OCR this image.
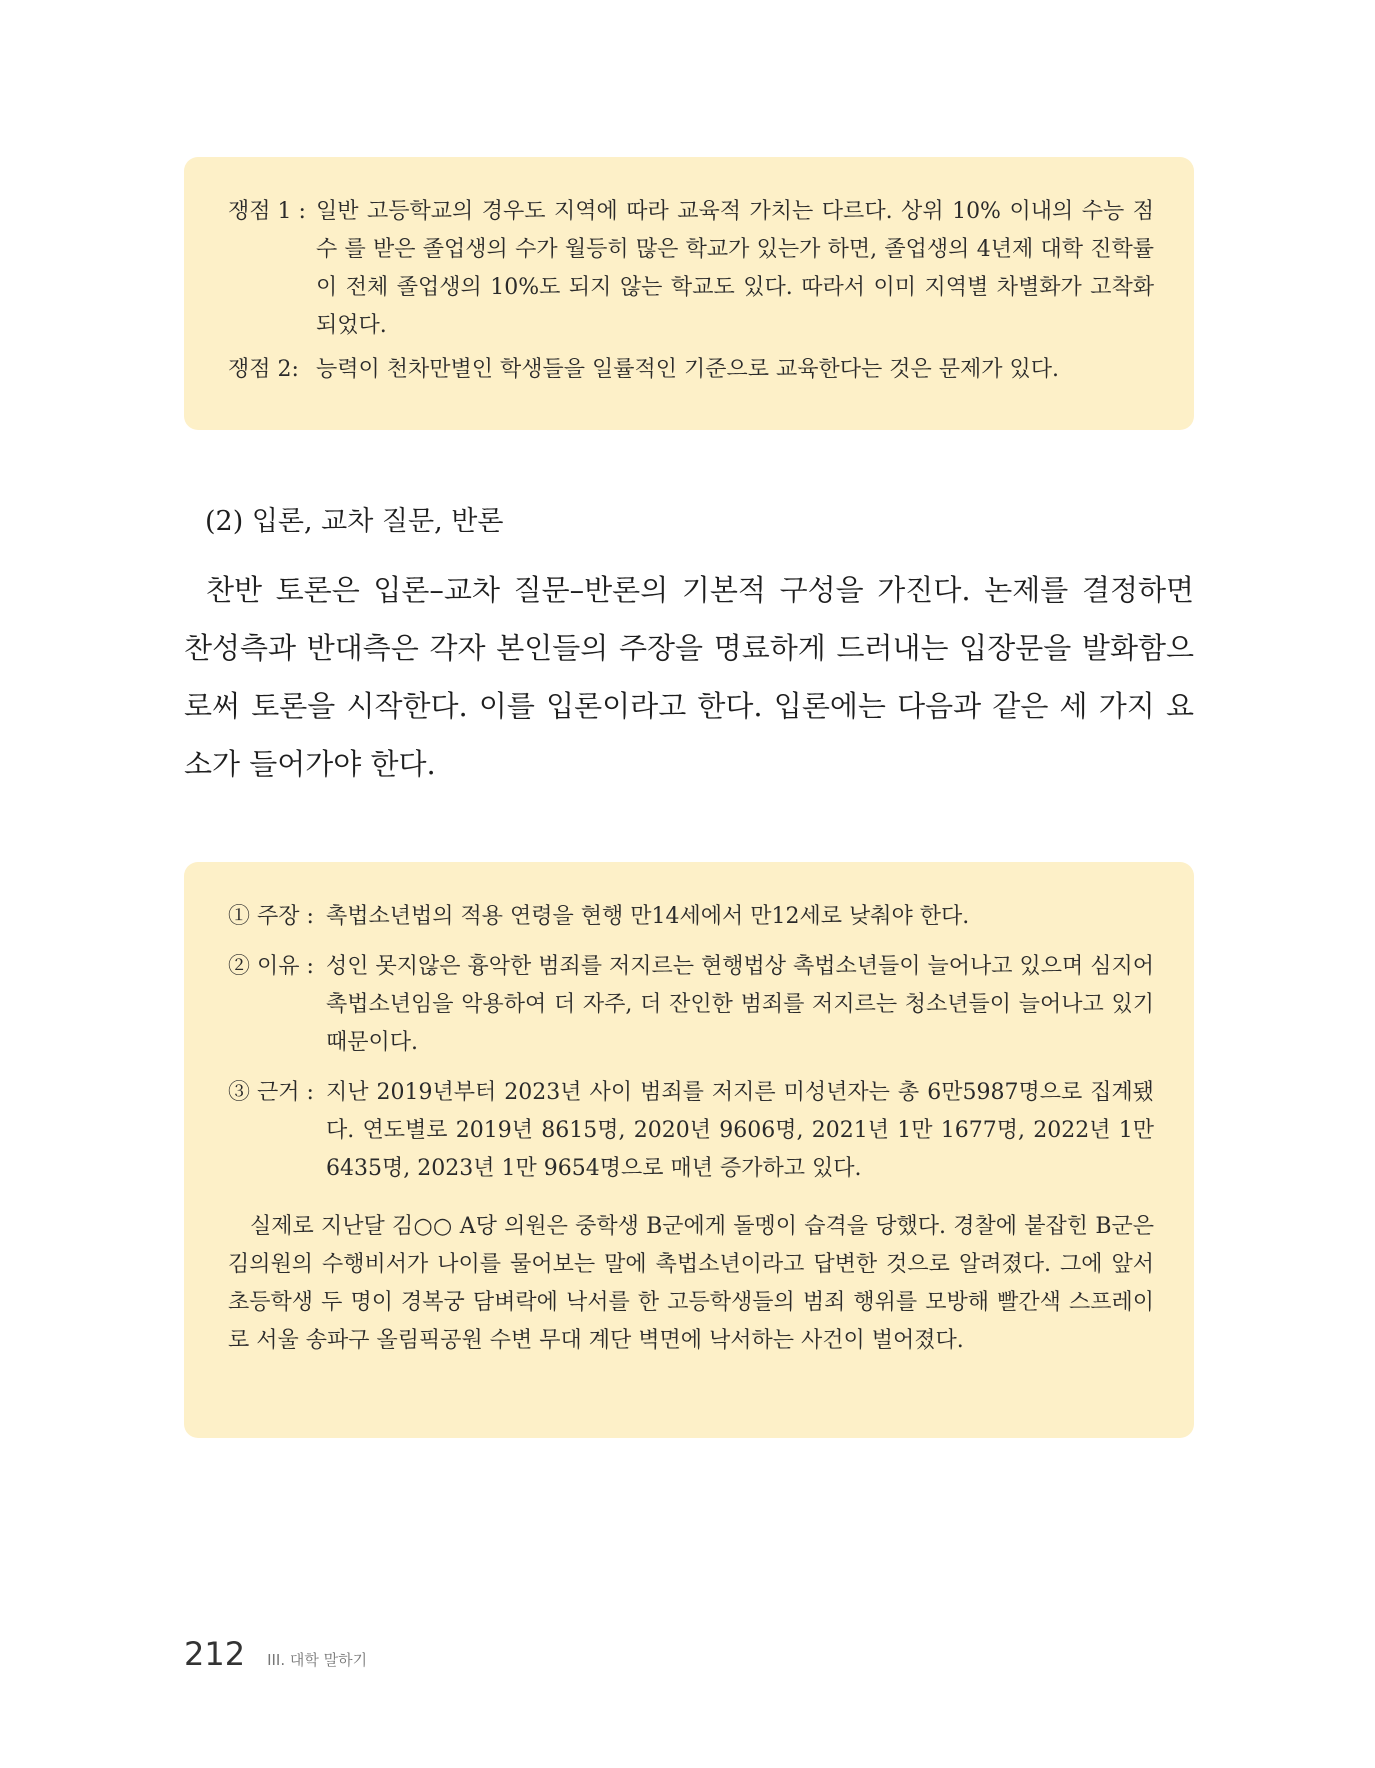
쟁점 1 : 일반 고등학교의 경우도 지역에 따라 교육적 가치는 다르다. 상위 10% 이내의 수능 점수 를 받은 졸업생의 수가 월등히 많은 학교가 있는가 하면, 졸업생의 4년제 대학 진학률이 전체 졸업생의 10%도 되지 않는 학교도 있다. 따라서 이미 지역별 차별화가 고착화되었다.
쟁점 2: 능력이 천차만별인 학생들을 일률적인 기준으로 교육한다는 것은 문제가 있다.
(2) 입론, 교차 질문, 반론

찬반 토론은 입론–교차 질문–반론의 기본적 구성을 가진다. 논제를 결정하면 찬성측과 반대측은 각자 본인들의 주장을 명료하게 드러내는 입장문을 발화함으로써 토론을 시작한다. 이를 입론이라고 한다. 입론에는 다음과 같은 세 가지 요소가 들어가야 한다.

① 주장 : 촉법소년법의 적용 연령을 현행 만14세에서 만12세로 낮춰야 한다.
② 이유 : 성인 못지않은 흉악한 범죄를 저지르는 현행법상 촉법소년들이 늘어나고 있으며 심지어 촉법소년임을 악용하여 더 자주, 더 잔인한 범죄를 저지르는 청소년들이 늘어나고 있기 때문이다.
③ 근거 : 지난 2019년부터 2023년 사이 범죄를 저지른 미성년자는 총 6만5987명으로 집계됐다. 연도별로 2019년 8615명, 2020년 9606명, 2021년 1만 1677명, 2022년 1만 6435명, 2023년 1만 9654명으로 매년 증가하고 있다.

실제로 지난달 김○○ A당 의원은 중학생 B군에게 돌멩이 습격을 당했다. 경찰에 붙잡힌 B군은 김의원의 수행비서가 나이를 물어보는 말에 촉법소년이라고 답변한 것으로 알려졌다. 그에 앞서 초등학생 두 명이 경복궁 담벼락에 낙서를 한 고등학생들의 범죄 행위를 모방해 빨간색 스프레이로 서울 송파구 올림픽공원 수변 무대 계단 벽면에 낙서하는 사건이 벌어졌다.

212 III. 대학 말하기
